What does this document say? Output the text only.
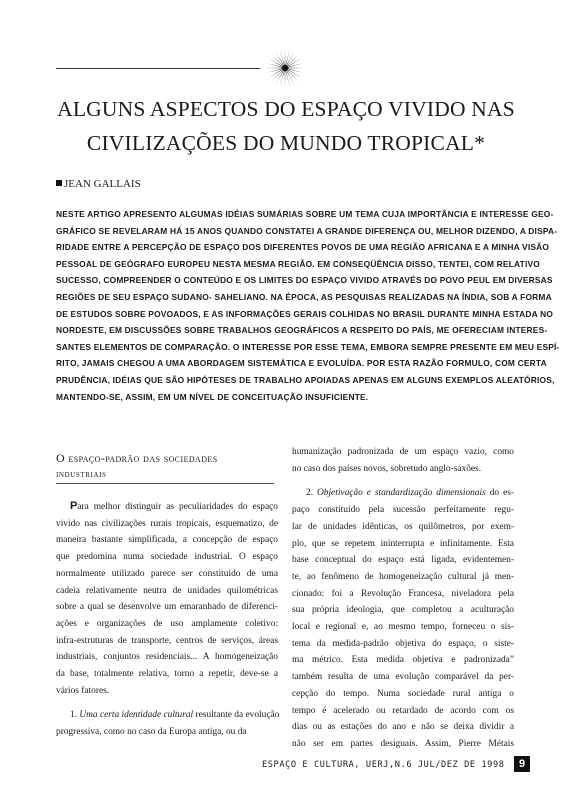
ALGUNS ASPECTOS DO ESPAÇO VIVIDO NAS
CIVILIZAÇÕES DO MUNDO TROPICAL*
JEAN GALLAIS
NESTE ARTIGO APRESENTO ALGUMAS IDÉIAS SUMÁRIAS SOBRE UM TEMA CUJA IMPORTÂNCIA E INTERESSE GEO-
GRÁFICO SE REVELARAM HÁ 15 ANOS QUANDO CONSTATEI A GRANDE DIFERENÇA OU, MELHOR DIZENDO, A DISPA-
RIDADE ENTRE A PERCEPÇÃO DE ESPAÇO DOS DIFERENTES POVOS DE UMA REGIÃO AFRICANA E A MINHA VISÃO
PESSOAL DE GEÓGRAFO EUROPEU NESTA MESMA REGIÃO. EM CONSEQÜÊNCIA DISSO, TENTEI, COM RELATIVO
SUCESSO, COMPREENDER O CONTEÚDO E OS LIMITES DO ESPAÇO VIVIDO ATRAVÉS DO POVO PEUL EM DIVERSAS
REGIÕES DE SEU ESPAÇO SUDANO- SAHELIANO. NA ÉPOCA, AS PESQUISAS REALIZADAS NA ÍNDIA, SOB A FORMA
DE ESTUDOS SOBRE POVOADOS, E AS INFORMAÇÕES GERAIS COLHIDAS NO BRASIL DURANTE MINHA ESTADA NO
NORDESTE, EM DISCUSSÕES SOBRE TRABALHOS GEOGRÁFICOS A RESPEITO DO PAÍS, ME OFERECIAM INTERES-
SANTES ELEMENTOS DE COMPARAÇÃO. O INTERESSE POR ESSE TEMA, EMBORA SEMPRE PRESENTE EM MEU ESPÍ-
RITO, JAMAIS CHEGOU A UMA ABORDAGEM SISTEMÁTICA E EVOLUÍDA. POR ESTA RAZÃO FORMULO, COM CERTA
PRUDÊNCIA, IDÉIAS QUE SÃO HIPÓTESES DE TRABALHO APOIADAS APENAS EM ALGUNS EXEMPLOS ALEATÓRIOS,
MANTENDO-SE, ASSIM, EM UM NÍVEL DE CONCEITUAÇÃO INSUFICIENTE.
O espaço-padrão das sociedades
industriais
Para melhor distinguir as peculiaridades do espaço
vivido nas civilizações rurais tropicais, esquematizo, de
maneira bastante simplificada, a concepção de espaço
que predomina numa sociedade industrial. O espaço
normalmente utilizado parece ser constituído de uma
cadeia relativamente neutra de unidades quilométricas
sobre a qual se desenvolve um emaranhado de diferenci-
ações e organizações de uso amplamente coletivo:
infra-estruturas de transporte, centros de serviços, áreas
industriais, conjuntos residenciais... A homogeneização
da base, totalmente relativa, torno a repetir, deve-se a
vários fatores.
1. Uma certa identidade cultural resultante da evolução
progressiva, como no caso da Europa antiga, ou da
humanização padronizada de um espaço vazio, como
no caso dos países novos, sobretudo anglo-saxões.
2. Objetivação e standardização dimensionais do es-
paço constituído pela sucessão perfeitamente regu-
lar de unidades idênticas, os quilômetros, por exem-
plo, que se repetem ininterrupta e infinitamente. Esta
base conceptual do espaço está ligada, evidentemen-
te, ao fenômeno de homogeneização cultural já men-
cionado: foi a Revolução Francesa, niveladora pela
sua própria ideologia, que completou a aculturação
local e regional e, ao mesmo tempo, forneceu o sis-
tema da medida-padrão objetiva do espaço, o siste-
ma métrico. Esta medida objetiva e padronizada”
também resulta de uma evolução comparável da per-
cepção do tempo. Numa sociedade rural antiga o
tempo é acelerado ou retardado de acordo com os
dias ou as estações do ano e não se deixa dividir a
não ser em partes desiguais. Assim, Pierre Métais
ESPAÇO E CULTURA, UERJ,N.6 JUL/DEZ DE 1998	9
